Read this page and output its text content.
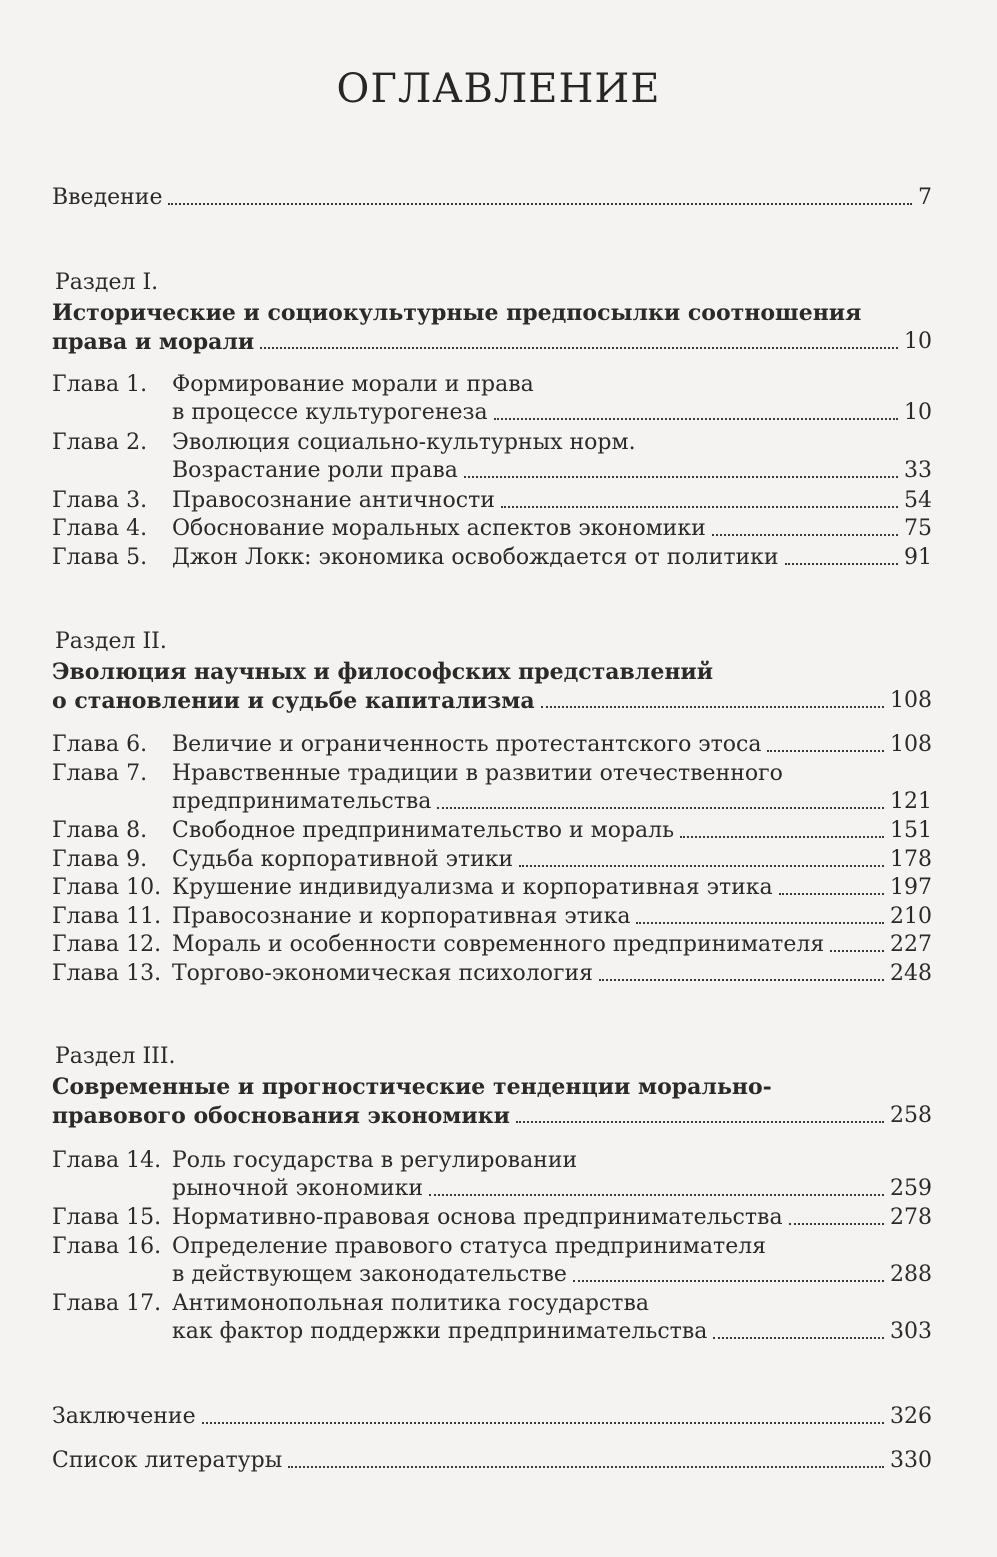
ОГЛАВЛЕНИЕ
Введение	7
Раздел I.
Исторические и социокультурные предпосылки соотношения
права и морали	10
Глава 1. Формирование морали и права
в процессе культурогенеза	10
Глава 2. Эволюция социально-культурных норм.
Возрастание роли права	33
Глава 3. Правосознание античности	54
Глава 4. Обоснование моральных аспектов экономики	75
Глава 5. Джон Локк: экономика освобождается от политики	91
Раздел II.
Эволюция научных и философских представлений
о становлении и судьбе капитализма	108
Глава 6. Величие и ограниченность протестантского этоса	108
Глава 7. Нравственные традиции в развитии отечественного
предпринимательства	121
Глава 8. Свободное предпринимательство и мораль	151
Глава 9. Судьба корпоративной этики	178
Глава 10. Крушение индивидуализма и корпоративная этика	197
Глава 11. Правосознание и корпоративная этика	210
Глава 12. Мораль и особенности современного предпринимателя	227
Глава 13. Торгово-экономическая психология	248
Раздел III.
Современные и прогностические тенденции морально-
правового обоснования экономики	258
Глава 14. Роль государства в регулировании
рыночной экономики	259
Глава 15. Нормативно-правовая основа предпринимательства	278
Глава 16. Определение правового статуса предпринимателя
в действующем законодательстве	288
Глава 17. Антимонопольная политика государства
как фактор поддержки предпринимательства	303
Заключение	326
Список литературы	330
